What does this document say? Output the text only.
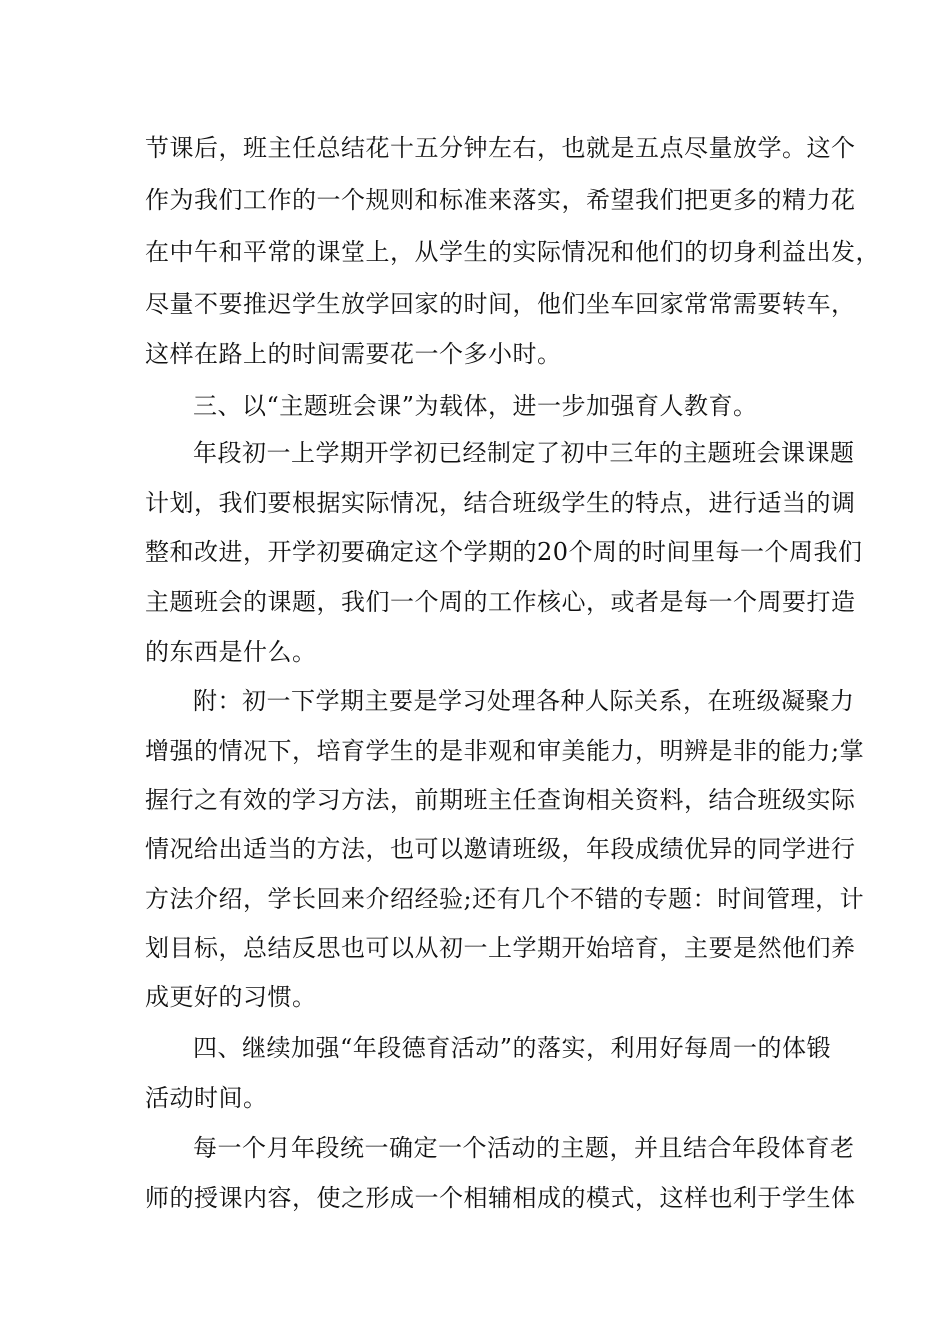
节课后，班主任总结花十五分钟左右，也就是五点尽量放学。这个
作为我们工作的一个规则和标准来落实，希望我们把更多的精力花
在中午和平常的课堂上，从学生的实际情况和他们的切身利益出发，
尽量不要推迟学生放学回家的时间，他们坐车回家常常需要转车，
这样在路上的时间需要花一个多小时。
三、以“主题班会课”为载体，进一步加强育人教育。
年段初一上学期开学初已经制定了初中三年的主题班会课课题
计划，我们要根据实际情况，结合班级学生的特点，进行适当的调
整和改进，开学初要确定这个学期的20个周的时间里每一个周我们
主题班会的课题，我们一个周的工作核心，或者是每一个周要打造
的东西是什么。
附：初一下学期主要是学习处理各种人际关系，在班级凝聚力
增强的情况下，培育学生的是非观和审美能力，明辨是非的能力;掌
握行之有效的学习方法，前期班主任查询相关资料，结合班级实际
情况给出适当的方法，也可以邀请班级，年段成绩优异的同学进行
方法介绍，学长回来介绍经验;还有几个不错的专题：时间管理，计
划目标，总结反思也可以从初一上学期开始培育，主要是然他们养
成更好的习惯。
四、继续加强“年段德育活动”的落实，利用好每周一的体锻
活动时间。
每一个月年段统一确定一个活动的主题，并且结合年段体育老
师的授课内容，使之形成一个相辅相成的模式，这样也利于学生体
